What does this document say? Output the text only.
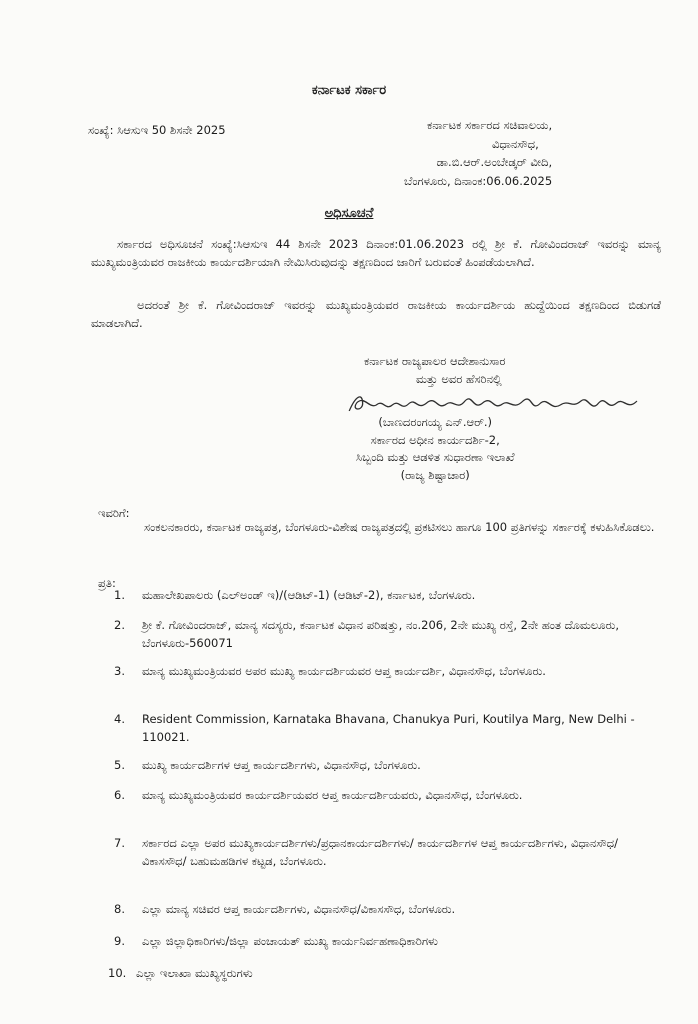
ಕರ್ನಾಟಕ ಸರ್ಕಾರ
ಸಂಖ್ಯೆ: ಸಿಆಸುಇ 50 ಶಿಸನೇ 2025	ಕರ್ನಾಟಕ ಸರ್ಕಾರದ ಸಚಿವಾಲಯ,
ವಿಧಾನಸೌಧ,
ಡಾ.ಬಿ.ಆರ್.ಅಂಬೇಡ್ಕರ್ ವೀದಿ,
ಬೆಂಗಳೂರು, ದಿನಾಂಕ:06.06.2025
ಅಧಿಸೂಚನೆ
ಸರ್ಕಾರದ ಅಧಿಸೂಚನೆ ಸಂಖ್ಯೆ:ಸಿಆಸುಇ 44 ಶಿಸನೇ 2023 ದಿನಾಂಕ:01.06.2023 ರಲ್ಲಿ ಶ್ರೀ ಕೆ. ಗೋವಿಂದರಾಜ್ ಇವರನ್ನು ಮಾನ್ಯ ಮುಖ್ಯಮಂತ್ರಿಯವರ ರಾಜಕೀಯ ಕಾರ್ಯದರ್ಶಿಯಾಗಿ ನೇಮಿಸಿರುವುದನ್ನು ತಕ್ಷಣದಿಂದ ಜಾರಿಗೆ ಬರುವಂತೆ ಹಿಂಪಡೆಯಲಾಗಿದೆ.
ಅದರಂತೆ ಶ್ರೀ ಕೆ. ಗೋವಿಂದರಾಜ್ ಇವರನ್ನು ಮುಖ್ಯಮಂತ್ರಿಯವರ ರಾಜಕೀಯ ಕಾರ್ಯದರ್ಶಿಯ ಹುದ್ದೆಯಿಂದ ತಕ್ಷಣದಿಂದ ಬಿಡುಗಡೆ ಮಾಡಲಾಗಿದೆ.
ಕರ್ನಾಟಕ ರಾಜ್ಯಪಾಲರ ಆದೇಶಾನುಸಾರ
ಮತ್ತು ಅವರ ಹೆಸರಿನಲ್ಲಿ
(ಬಾಣದರಂಗಯ್ಯ ಎನ್.ಆರ್.)
ಸರ್ಕಾರದ ಅಧೀನ ಕಾರ್ಯದರ್ಶಿ-2,
ಸಿಬ್ಬಂದಿ ಮತ್ತು ಆಡಳಿತ ಸುಧಾರಣಾ ಇಲಾಖೆ
(ರಾಜ್ಯ ಶಿಷ್ಟಾಚಾರ)
ಇವರಿಗೆ:
ಸಂಕಲನಕಾರರು, ಕರ್ನಾಟಕ ರಾಜ್ಯಪತ್ರ, ಬೆಂಗಳೂರು-ವಿಶೇಷ ರಾಜ್ಯಪತ್ರದಲ್ಲಿ ಪ್ರಕಟಿಸಲು ಹಾಗೂ 100 ಪ್ರತಿಗಳನ್ನು ಸರ್ಕಾರಕ್ಕೆ ಕಳುಹಿಸಿಕೊಡಲು.
ಪ್ರತಿ:
1. ಮಹಾಲೇಖಪಾಲರು (ಎಲ್ಅಂಡ್ ಇ)/(ಆಡಿಟ್-1) (ಆಡಿಟ್-2), ಕರ್ನಾಟಕ, ಬೆಂಗಳೂರು.
2. ಶ್ರೀ ಕೆ. ಗೋವಿಂದರಾಜ್, ಮಾನ್ಯ ಸದಸ್ಯರು, ಕರ್ನಾಟಕ ವಿಧಾನ ಪರಿಷತ್ತು, ನಂ.206, 2ನೇ ಮುಖ್ಯ ರಸ್ತೆ, 2ನೇ ಹಂತ ದೊಮಲೂರು, ಬೆಂಗಳೂರು-560071
3. ಮಾನ್ಯ ಮುಖ್ಯಮಂತ್ರಿಯವರ ಅಪರ ಮುಖ್ಯ ಕಾರ್ಯದರ್ಶಿಯವರ ಆಪ್ತ ಕಾರ್ಯದರ್ಶಿ, ವಿಧಾನಸೌಧ, ಬೆಂಗಳೂರು.
4. Resident Commission, Karnataka Bhavana, Chanukya Puri, Koutilya Marg, New Delhi - 110021.
5. ಮುಖ್ಯ ಕಾರ್ಯದರ್ಶಿಗಳ ಆಪ್ತ ಕಾರ್ಯದರ್ಶಿಗಳು, ವಿಧಾನಸೌಧ, ಬೆಂಗಳೂರು.
6. ಮಾನ್ಯ ಮುಖ್ಯಮಂತ್ರಿಯವರ ಕಾರ್ಯದರ್ಶಿಯವರ ಆಪ್ತ ಕಾರ್ಯದರ್ಶಿಯವರು, ವಿಧಾನಸೌಧ, ಬೆಂಗಳೂರು.
7. ಸರ್ಕಾರದ ಎಲ್ಲಾ ಅಪರ ಮುಖ್ಯಕಾರ್ಯದರ್ಶಿಗಳು/ಪ್ರಧಾನಕಾರ್ಯದರ್ಶಿಗಳು/ ಕಾರ್ಯದರ್ಶಿಗಳ ಆಪ್ತ ಕಾರ್ಯದರ್ಶಿಗಳು, ವಿಧಾನಸೌಧ/ ವಿಕಾಸಸೌಧ/ ಬಹುಮಹಡಿಗಳ ಕಟ್ಟಡ, ಬೆಂಗಳೂರು.
8. ಎಲ್ಲಾ ಮಾನ್ಯ ಸಚಿವರ ಆಪ್ತ ಕಾರ್ಯದರ್ಶಿಗಳು, ವಿಧಾನಸೌಧ/ವಿಕಾಸಸೌಧ, ಬೆಂಗಳೂರು.
9. ಎಲ್ಲಾ ಜಿಲ್ಲಾಧಿಕಾರಿಗಳು/ಜಿಲ್ಲಾ ಪಂಚಾಯತ್ ಮುಖ್ಯ ಕಾರ್ಯನಿರ್ವಹಣಾಧಿಕಾರಿಗಳು
10. ಎಲ್ಲಾ ಇಲಾಖಾ ಮುಖ್ಯಸ್ಥರುಗಳು
